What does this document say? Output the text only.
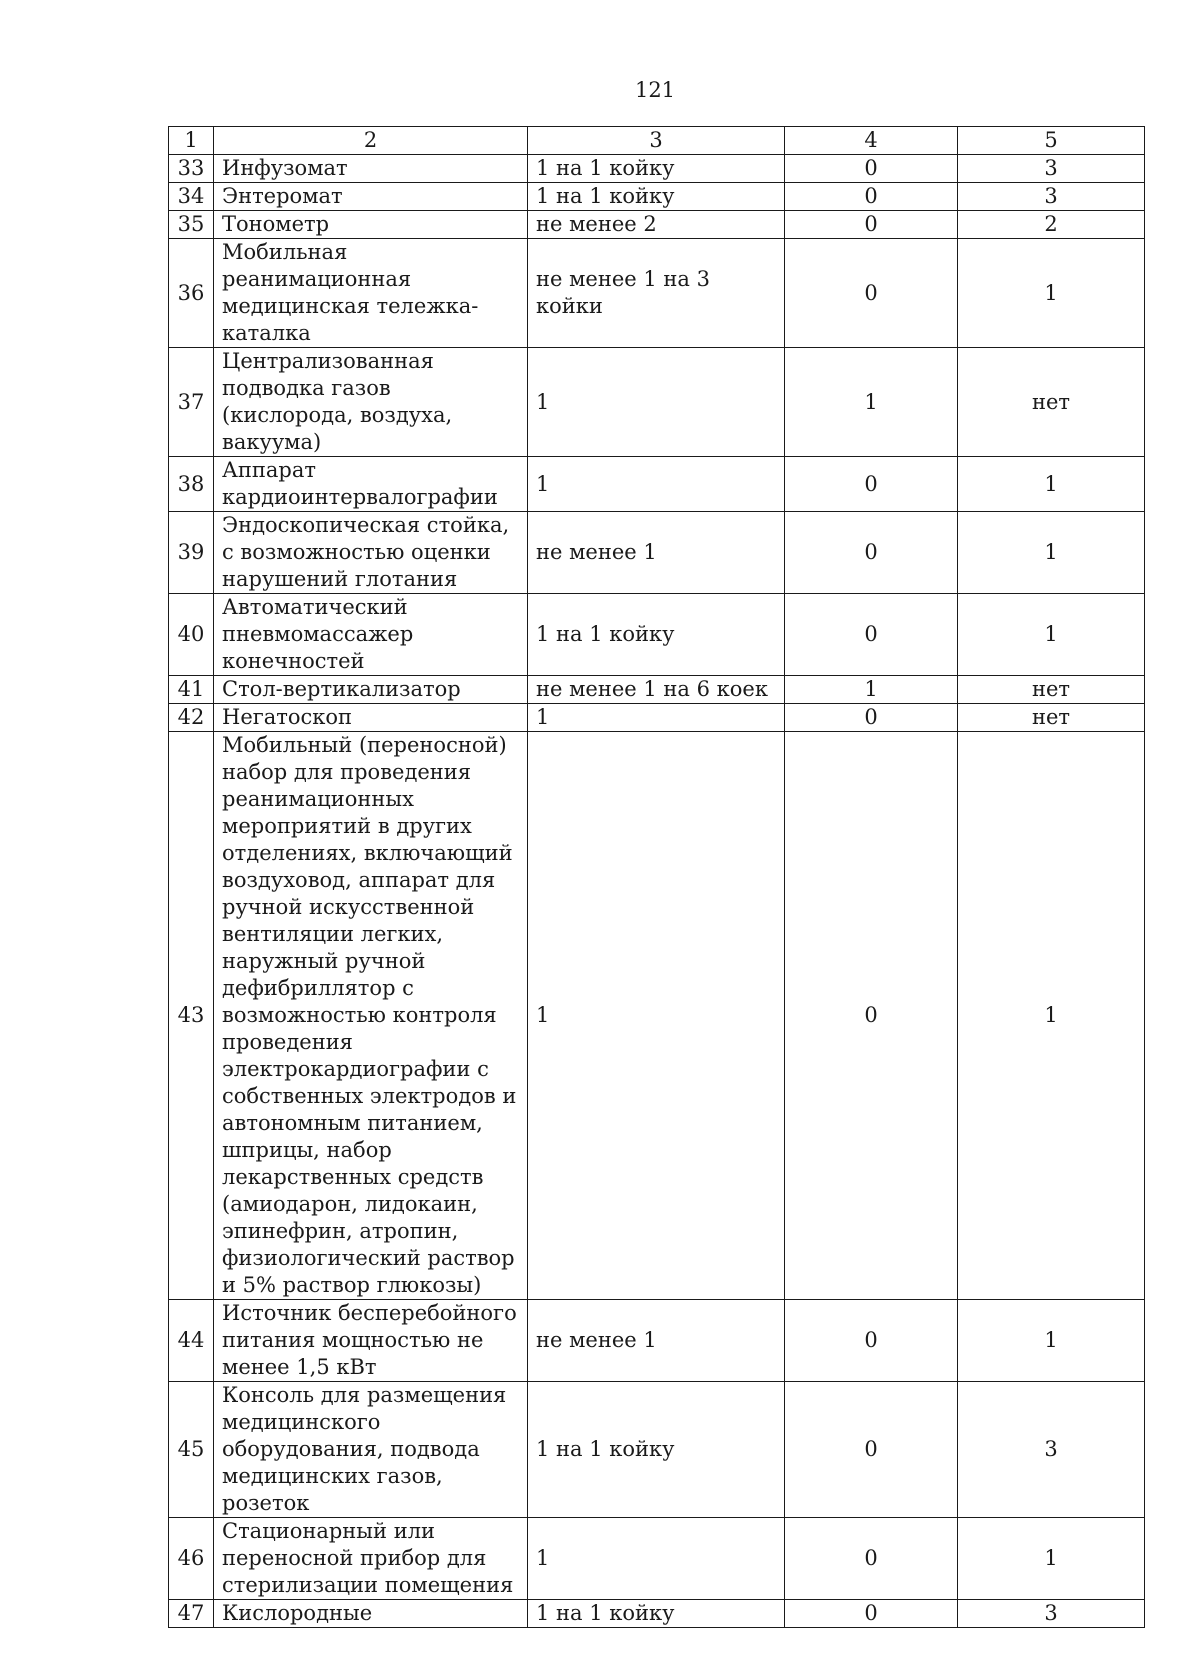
121
1	2	3	4	5
33	Инфузомат	1 на 1 койку	0	3
34	Энтеромат	1 на 1 койку	0	3
35	Тонометр	не менее 2	0	2
36	Мобильная реанимационная медицинская тележка-каталка	не менее 1 на 3 койки	0	1
37	Централизованная подводка газов (кислорода, воздуха, вакуума)	1	1	нет
38	Аппарат кардиоинтервалографии	1	0	1
39	Эндоскопическая стойка, с возможностью оценки нарушений глотания	не менее 1	0	1
40	Автоматический пневмомассажер конечностей	1 на 1 койку	0	1
41	Стол-вертикализатор	не менее 1 на 6 коек	1	нет
42	Негатоскоп	1	0	нет
43	Мобильный (переносной) набор для проведения реанимационных мероприятий в других отделениях, включающий воздуховод, аппарат для ручной искусственной вентиляции легких, наружный ручной дефибриллятор с возможностью контроля проведения электрокардиографии с собственных электродов и автономным питанием, шприцы, набор лекарственных средств (амиодарон, лидокаин, эпинефрин, атропин, физиологический раствор и 5% раствор глюкозы)	1	0	1
44	Источник бесперебойного питания мощностью не менее 1,5 кВт	не менее 1	0	1
45	Консоль для размещения медицинского оборудования, подвода медицинских газов, розеток	1 на 1 койку	0	3
46	Стационарный или переносной прибор для стерилизации помещения	1	0	1
47	Кислородные	1 на 1 койку	0	3
